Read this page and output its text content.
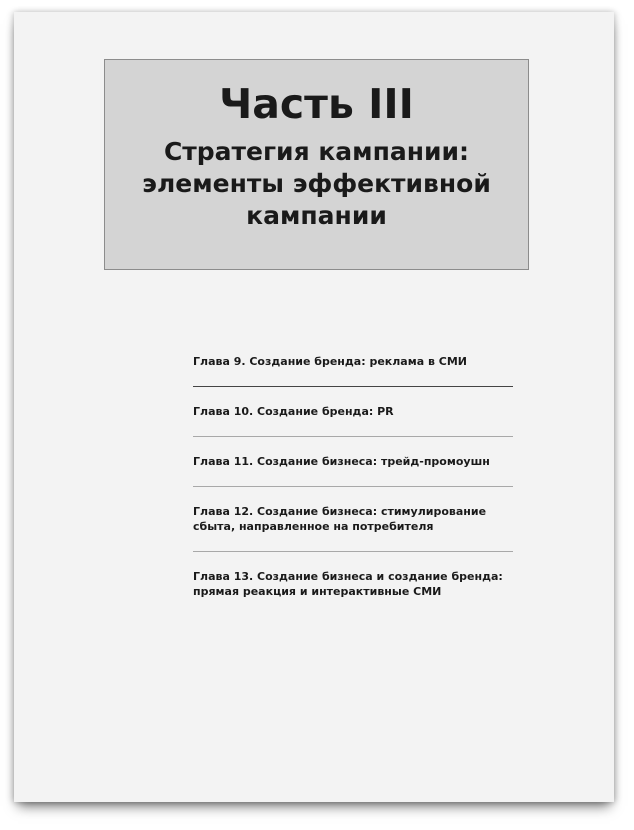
Часть III
Стратегия кампании: элементы эффективной кампании
Глава 9. Создание бренда: реклама в СМИ
Глава 10. Создание бренда: PR
Глава 11. Создание бизнеса: трейд-промоушн
Глава 12. Создание бизнеса: стимулирование сбыта, направленное на потребителя
Глава 13. Создание бизнеса и создание бренда: прямая реакция и интерактивные СМИ
